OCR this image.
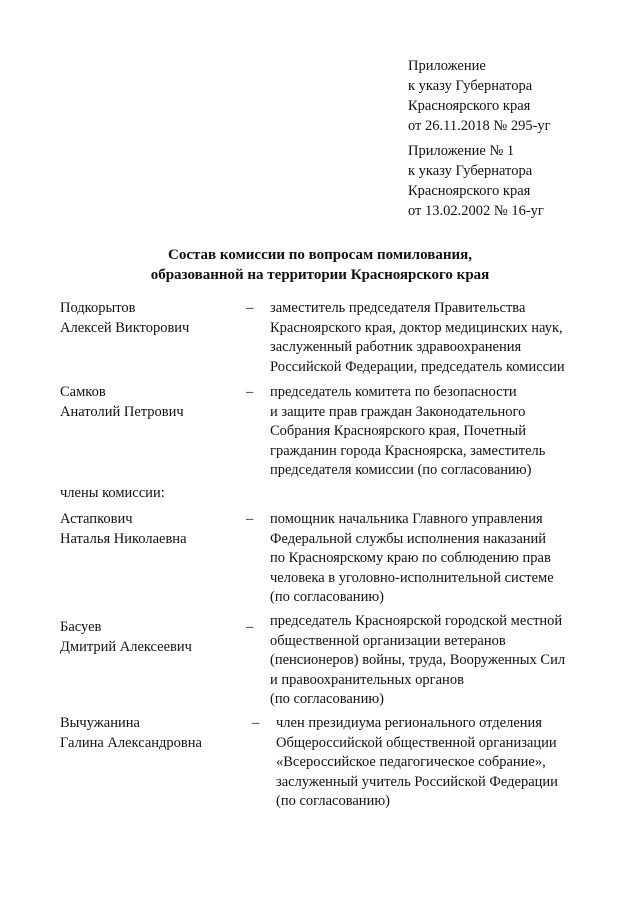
Приложение
к указу Губернатора
Красноярского края
от 26.11.2018 № 295-уг
Приложение № 1
к указу Губернатора
Красноярского края
от 13.02.2002 № 16-уг
Состав комиссии по вопросам помилования,
образованной на территории Красноярского края
Подкорытов
Алексей Викторович
– заместитель председателя Правительства
Красноярского края, доктор медицинских наук,
заслуженный работник здравоохранения
Российской Федерации, председатель комиссии
Самков
Анатолий Петрович
– председатель комитета по безопасности
и защите прав граждан Законодательного
Собрания Красноярского края, Почетный
гражданин города Красноярска, заместитель
председателя комиссии (по согласованию)
члены комиссии:
Астапкович
Наталья Николаевна
– помощник начальника Главного управления
Федеральной службы исполнения наказаний
по Красноярскому краю по соблюдению прав
человека в уголовно-исполнительной системе
(по согласованию)
Басуев
Дмитрий Алексеевич
– председатель Красноярской городской местной
общественной организации ветеранов
(пенсионеров) войны, труда, Вооруженных Сил
и правоохранительных органов
(по согласованию)
Вычужанина
Галина Александровна
– член президиума регионального отделения
Общероссийской общественной организации
«Всероссийское педагогическое собрание»,
заслуженный учитель Российской Федерации
(по согласованию)
